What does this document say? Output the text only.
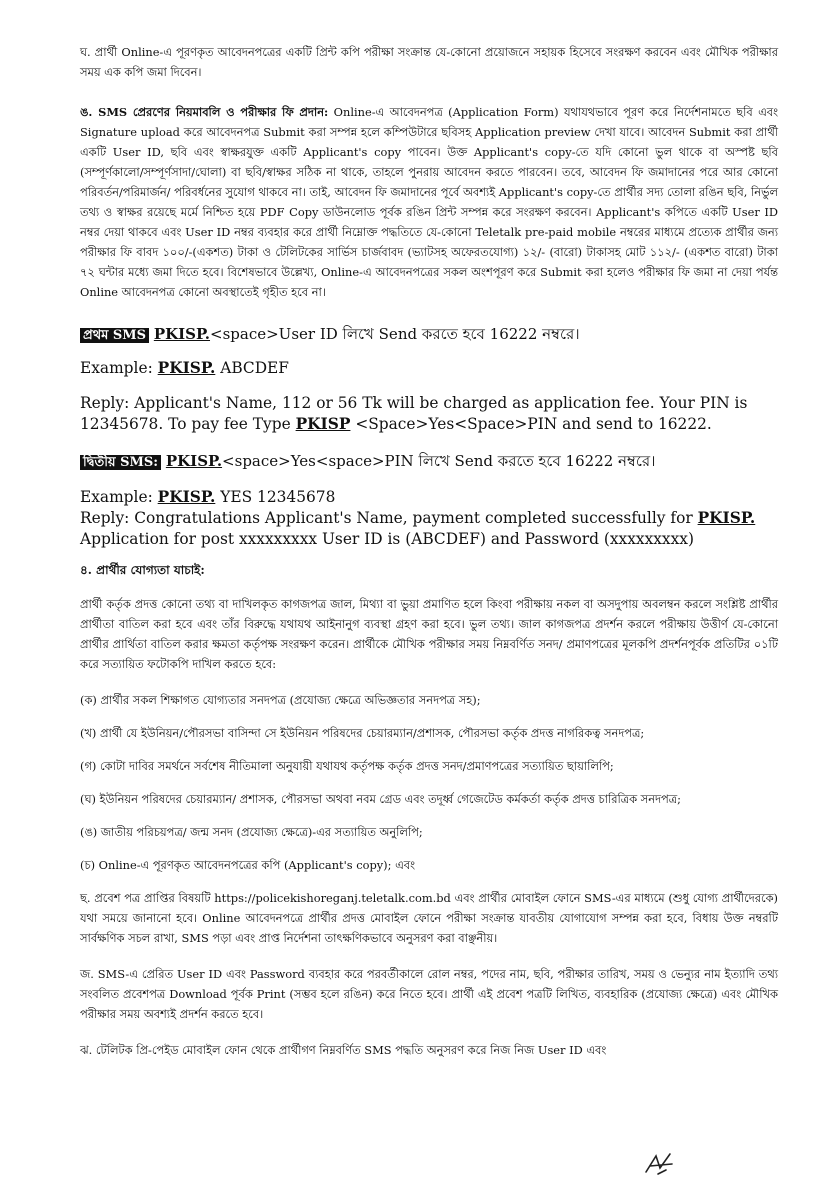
ঘ. প্রার্থী Online-এ পূরণকৃত আবেদনপত্রের একটি প্রিন্ট কপি পরীক্ষা সংক্রান্ত যে-কোনো প্রয়োজনে সহায়ক হিসেবে সংরক্ষণ করবেন এবং মৌখিক পরীক্ষার সময় এক কপি জমা দিবেন।

ঙ. SMS প্রেরণের নিয়মাবলি ও পরীক্ষার ফি প্রদান: Online-এ আবেদনপত্র (Application Form) যথাযথভাবে পূরণ করে নির্দেশনামতে ছবি এবং Signature upload করে আবেদনপত্র Submit করা সম্পন্ন হলে কম্পিউটারে ছবিসহ Application preview দেখা যাবে। আবেদন Submit করা প্রার্থী একটি User ID, ছবি এবং স্বাক্ষরযুক্ত একটি Applicant's copy পাবেন। উক্ত Applicant's copy-তে যদি কোনো ভুল থাকে বা অস্পষ্ট ছবি (সম্পূর্ণকালো/সম্পূর্ণসাদা/ঘোলা) বা ছবি/স্বাক্ষর সঠিক না থাকে, তাহলে পুনরায় আবেদন করতে পারবেন। তবে, আবেদন ফি জমাদানের পরে আর কোনো পরিবর্তন/পরিমার্জন/ পরিবর্ধনের সুযোগ থাকবে না। তাই, আবেদন ফি জমাদানের পূর্বে অবশ্যই Applicant's copy-তে প্রার্থীর সদ্য তোলা রঙিন ছবি, নির্ভুল তথ্য ও স্বাক্ষর রয়েছে মর্মে নিশ্চিত হয়ে PDF Copy ডাউনলোড পূর্বক রঙিন প্রিন্ট সম্পন্ন করে সংরক্ষণ করবেন। Applicant's কপিতে একটি User ID নম্বর দেয়া থাকবে এবং User ID নম্বর ব্যবহার করে প্রার্থী নিম্নোক্ত পদ্ধতিতে যে-কোনো Teletalk pre-paid mobile নম্বরের মাধ্যমে প্রত্যেক প্রার্থীর জন্য পরীক্ষার ফি বাবদ ১০০/-(একশত) টাকা ও টেলিটকের সার্ভিস চার্জবাবদ (ভ্যাটসহ অফেরতযোগ্য) ১২/- (বারো) টাকাসহ মোট ১১২/- (একশত বারো) টাকা ৭২ ঘন্টার মধ্যে জমা দিতে হবে। বিশেষভাবে উল্লেখ্য, Online-এ আবেদনপত্রের সকল অংশপূরণ করে Submit করা হলেও পরীক্ষার ফি জমা না দেয়া পর্যন্ত Online আবেদনপত্র কোনো অবস্থাতেই গৃহীত হবে না।

প্রথম SMS PKISP.<space>User ID লিখে Send করতে হবে 16222 নম্বরে।
Example: PKISP. ABCDEF
Reply: Applicant's Name, 112 or 56 Tk will be charged as application fee. Your PIN is 12345678. To pay fee Type PKISP <Space>Yes<Space>PIN and send to 16222.
দ্বিতীয় SMS: PKISP.<space>Yes<space>PIN লিখে Send করতে হবে 16222 নম্বরে।
Example: PKISP. YES 12345678
Reply: Congratulations Applicant's Name, payment completed successfully for PKISP. Application for post xxxxxxxxx User ID is (ABCDEF) and Password (xxxxxxxxx)
৪. প্রার্থীর যোগ্যতা যাচাই:

প্রার্থী কর্তৃক প্রদত্ত কোনো তথ্য বা দাখিলকৃত কাগজপত্র জাল, মিথ্যা বা ভুয়া প্রমাণিত হলে কিংবা পরীক্ষায় নকল বা অসদুপায় অবলম্বন করলে সংশ্লিষ্ট প্রার্থীর প্রার্থীতা বাতিল করা হবে এবং তাঁর বিরুদ্ধে যথাযথ আইনানুগ ব্যবস্থা গ্রহণ করা হবে। ভুল তথ্য। জাল কাগজপত্র প্রদর্শন করলে পরীক্ষায় উত্তীর্ণ যে-কোনো প্রার্থীর প্রার্থিতা বাতিল করার ক্ষমতা কর্তৃপক্ষ সংরক্ষণ করেন। প্রার্থীকে মৌখিক পরীক্ষার সময় নিম্নবর্ণিত সনদ/ প্রমাণপত্রের মূলকপি প্রদর্শনপূর্বক প্রতিটির ০১টি করে সত্যায়িত ফটোকপি দাখিল করতে হবে:

(ক) প্রার্থীর সকল শিক্ষাগত যোগ্যতার সনদপত্র (প্রযোজ্য ক্ষেত্রে অভিজ্ঞতার সনদপত্র সহ);
(খ) প্রার্থী যে ইউনিয়ন/পৌরসভা বাসিন্দা সে ইউনিয়ন পরিষদের চেয়ারম্যান/প্রশাসক, পৌরসভা কর্তৃক প্রদত্ত নাগরিকত্ব সনদপত্র;
(গ) কোটা দাবির সমর্থনে সর্বশেষ নীতিমালা অনুযায়ী যথাযথ কর্তৃপক্ষ কর্তৃক প্রদত্ত সনদ/প্রমাণপত্রের সত্যায়িত ছায়ালিপি;
(ঘ) ইউনিয়ন পরিষদের চেয়ারম্যান/ প্রশাসক, পৌরসভা অথবা নবম গ্রেড এবং তদূর্ধ্ব গেজেটেড কর্মকর্তা কর্তৃক প্রদত্ত চারিত্রিক সনদপত্র;
(ঙ) জাতীয় পরিচয়পত্র/ জন্ম সনদ (প্রযোজ্য ক্ষেত্রে)-এর সত্যায়িত অনুলিপি;
(চ) Online-এ পূরণকৃত আবেদনপত্রের কপি (Applicant's copy); এবং

ছ. প্রবেশ পত্র প্রাপ্তির বিষয়টি https://policekishoreganj.teletalk.com.bd এবং প্রার্থীর মোবাইল ফোনে SMS-এর মাধ্যমে (শুধু যোগ্য প্রার্থীদেরকে) যথা সময়ে জানানো হবে। Online আবেদনপত্রে প্রার্থীর প্রদত্ত মোবাইল ফোনে পরীক্ষা সংক্রান্ত যাবতীয় যোগাযোগ সম্পন্ন করা হবে, বিধায় উক্ত নম্বরটি সার্বক্ষণিক সচল রাখা, SMS পড়া এবং প্রাপ্ত নির্দেশনা তাৎক্ষণিকভাবে অনুসরণ করা বাঞ্ছনীয়।

জ. SMS-এ প্রেরিত User ID এবং Password ব্যবহার করে পরবর্তীকালে রোল নম্বর, পদের নাম, ছবি, পরীক্ষার তারিখ, সময় ও ভেন্যুর নাম ইত্যাদি তথ্য সংবলিত প্রবেশপত্র Download পূর্বক Print (সম্ভব হলে রঙিন) করে নিতে হবে। প্রার্থী এই প্রবেশ পত্রটি লিখিত, ব্যবহারিক (প্রযোজ্য ক্ষেত্রে) এবং মৌখিক পরীক্ষার সময় অবশ্যই প্রদর্শন করতে হবে।

ঝ. টেলিটক প্রি-পেইড মোবাইল ফোন থেকে প্রার্থীগণ নিম্নবর্ণিত SMS পদ্ধতি অনুসরণ করে নিজ নিজ User ID এবং
